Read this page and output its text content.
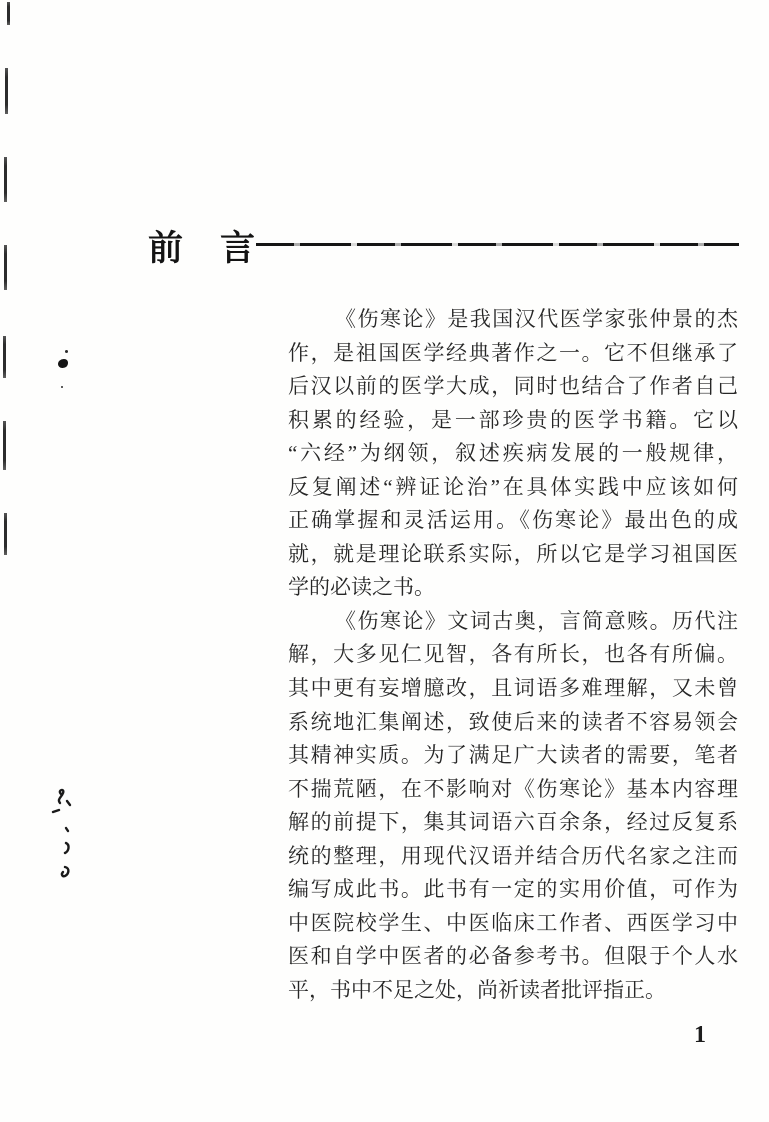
前　言
《伤寒论》是我国汉代医学家张仲景的杰
作，是祖国医学经典著作之一。它不但继承了
后汉以前的医学大成，同时也结合了作者自己
积累的经验，是一部珍贵的医学书籍。它以
“六经”为纲领，叙述疾病发展的一般规律，
反复阐述“辨证论治”在具体实践中应该如何
正确掌握和灵活运用。《伤寒论》最出色的成
就，就是理论联系实际，所以它是学习祖国医
学的必读之书。
《伤寒论》文词古奥，言简意赅。历代注
解，大多见仁见智，各有所长，也各有所偏。
其中更有妄增臆改，且词语多难理解，又未曾
系统地汇集阐述，致使后来的读者不容易领会
其精神实质。为了满足广大读者的需要，笔者
不揣荒陋，在不影响对《伤寒论》基本内容理
解的前提下，集其词语六百余条，经过反复系
统的整理，用现代汉语并结合历代名家之注而
编写成此书。此书有一定的实用价值，可作为
中医院校学生、中医临床工作者、西医学习中
医和自学中医者的必备参考书。但限于个人水
平，书中不足之处，尚祈读者批评指正。
1
